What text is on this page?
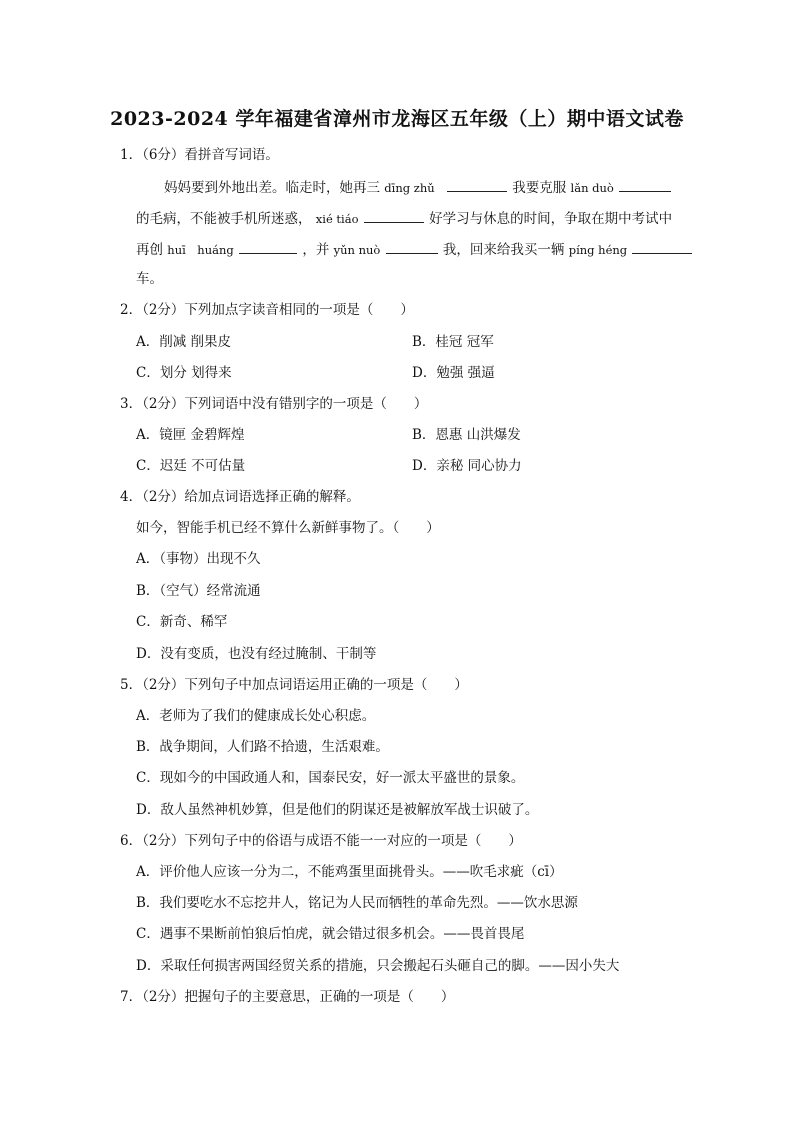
2023-2024 学年福建省漳州市龙海区五年级（上）期中语文试卷
1．（6分）看拼音写词语。
妈妈要到外地出差。临走时，她再三 dīng zhǔ	我要克服 lǎn duò
的毛病，不能被手机所迷惑， xié tiáo	好学习与休息的时间，争取在期中考试中
再创 huī　huáng	，并 yǔn nuò	我，回来给我买一辆 píng héng
车。
2．（2分）下列加点字读音相同的一项是（　　）
A．削减 削果皮	B．桂冠 冠军
C．划分 划得来	D．勉强 强逼
3．（2分）下列词语中没有错别字的一项是（　　）
A．镜匣 金碧辉煌	B．恩惠 山洪爆发
C．迟廷 不可估量	D．亲秘 同心协力
4．（2分）给加点词语选择正确的解释。
如今，智能手机已经不算什么新鲜事物了。（　　）
A．（事物）出现不久
B．（空气）经常流通
C．新奇、稀罕
D．没有变质，也没有经过腌制、干制等
5．（2分）下列句子中加点词语运用正确的一项是（　　）
A．老师为了我们的健康成长处心积虑。
B．战争期间，人们路不拾遗，生活艰难。
C．现如今的中国政通人和，国泰民安，好一派太平盛世的景象。
D．敌人虽然神机妙算，但是他们的阴谋还是被解放军战士识破了。
6．（2分）下列句子中的俗语与成语不能一一对应的一项是（　　）
A．评价他人应该一分为二，不能鸡蛋里面挑骨头。——吹毛求疵（cī）
B．我们要吃水不忘挖井人，铭记为人民而牺牲的革命先烈。——饮水思源
C．遇事不果断前怕狼后怕虎，就会错过很多机会。——畏首畏尾
D．采取任何损害两国经贸关系的措施，只会搬起石头砸自己的脚。——因小失大
7．（2分）把握句子的主要意思，正确的一项是（　　）
